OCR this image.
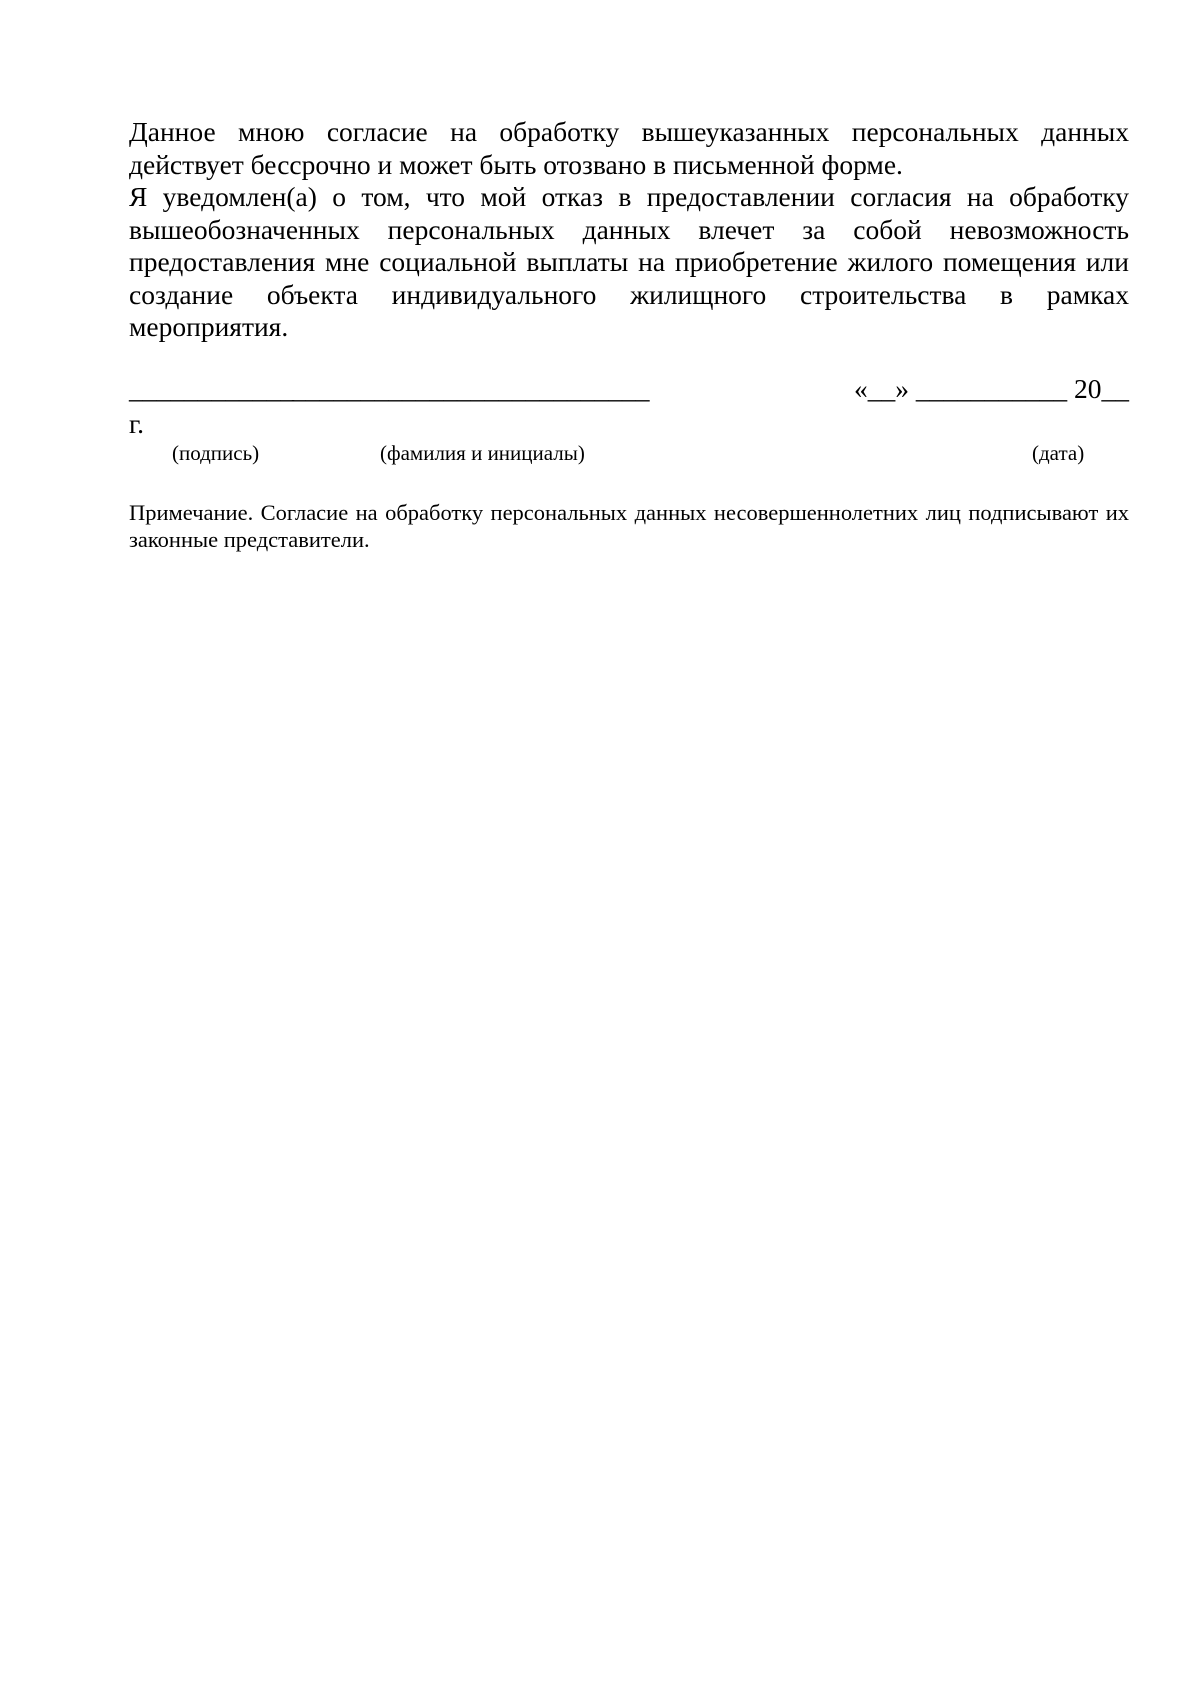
Данное мною согласие на обработку вышеуказанных персональных данных действует бессрочно и может быть отозвано в письменной форме.

Я уведомлен(а) о том, что мой отказ в предоставлении согласия на обработку вышеобозначенных персональных данных влечет за собой невозможность предоставления мне социальной выплаты на приобретение жилого помещения или создание объекта индивидуального жилищного строительства в рамках мероприятия.

____________
__________________________	«__» ___________ 20__
г.
(подпись)	(фамилия и инициалы)	(дата)

Примечание. Согласие на обработку персональных данных несовершеннолетних лиц подписывают их законные представители.
